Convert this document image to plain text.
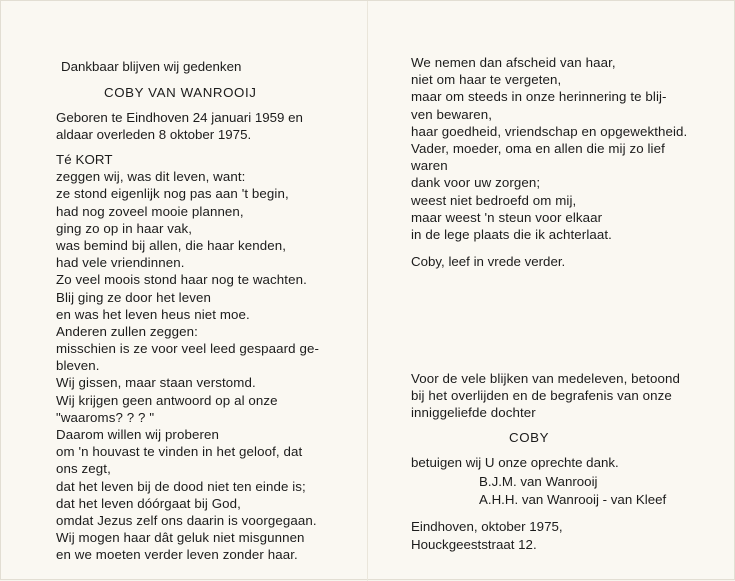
Dankbaar blijven wij gedenken
COBY VAN WANROOIJ
Geboren te Eindhoven 24 januari 1959 en
aldaar overleden 8 oktober 1975.
Té KORT
zeggen wij, was dit leven, want:
ze stond eigenlijk nog pas aan 't begin,
had nog zoveel mooie plannen,
ging zo op in haar vak,
was bemind bij allen, die haar kenden,
had vele vriendinnen.
Zo veel moois stond haar nog te wachten.
Blij ging ze door het leven
en was het leven heus niet moe.
Anderen zullen zeggen:
misschien is ze voor veel leed gespaard ge-
bleven.
Wij gissen, maar staan verstomd.
Wij krijgen geen antwoord op al onze
"waaroms? ? ? "
Daarom willen wij proberen
om 'n houvast te vinden in het geloof, dat
ons zegt,
dat het leven bij de dood niet ten einde is;
dat het leven dóórgaat bij God,
omdat Jezus zelf ons daarin is voorgegaan.
Wij mogen haar dât geluk niet misgunnen
en we moeten verder leven zonder haar.
We nemen dan afscheid van haar,
niet om haar te vergeten,
maar om steeds in onze herinnering te blij-
ven bewaren,
haar goedheid, vriendschap en opgewektheid.
Vader, moeder, oma en allen die mij zo lief
waren
dank voor uw zorgen;
weest niet bedroefd om mij,
maar weest 'n steun voor elkaar
in de lege plaats die ik achterlaat.
Coby, leef in vrede verder.
Voor de vele blijken van medeleven, betoond
bij het overlijden en de begrafenis van onze
inniggeliefde dochter
COBY
betuigen wij U onze oprechte dank.
B.J.M. van Wanrooij
A.H.H. van Wanrooij - van Kleef
Eindhoven, oktober 1975,
Houckgeeststraat 12.
